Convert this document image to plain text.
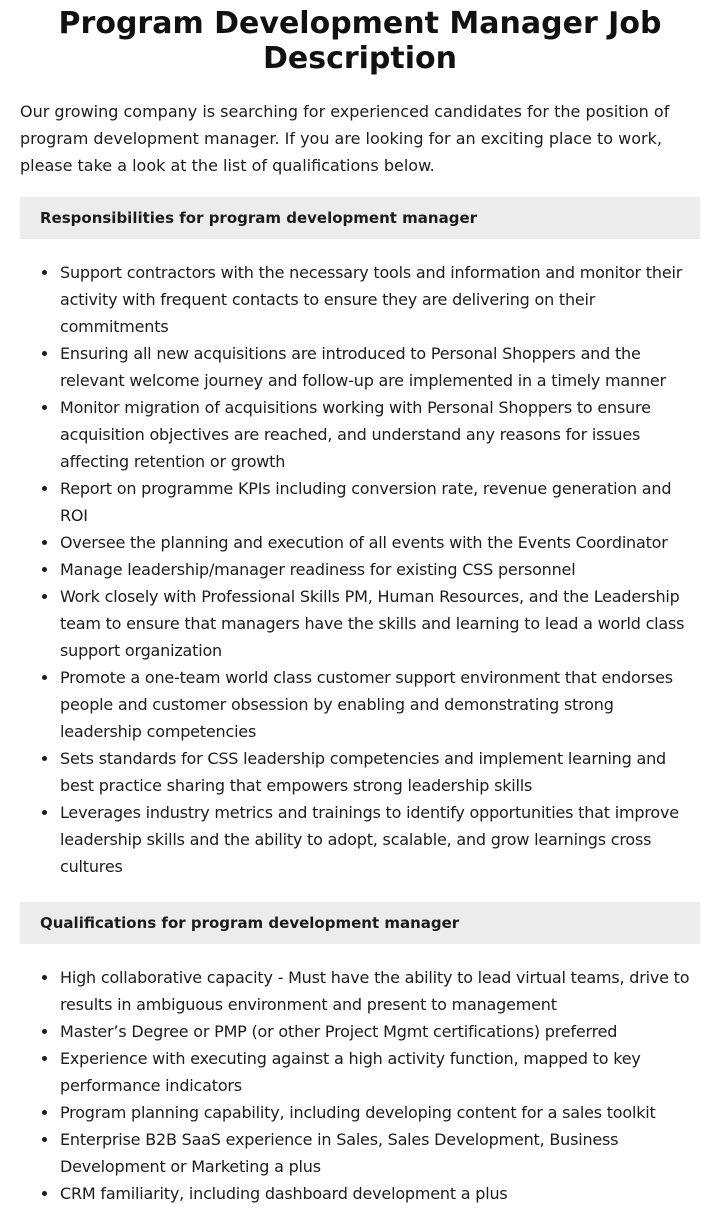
Program Development Manager Job Description

Our growing company is searching for experienced candidates for the position of program development manager. If you are looking for an exciting place to work, please take a look at the list of qualifications below.

Responsibilities for program development manager
Support contractors with the necessary tools and information and monitor their activity with frequent contacts to ensure they are delivering on their commitments
Ensuring all new acquisitions are introduced to Personal Shoppers and the relevant welcome journey and follow-up are implemented in a timely manner
Monitor migration of acquisitions working with Personal Shoppers to ensure acquisition objectives are reached, and understand any reasons for issues affecting retention or growth
Report on programme KPIs including conversion rate, revenue generation and ROI
Oversee the planning and execution of all events with the Events Coordinator
Manage leadership/manager readiness for existing CSS personnel
Work closely with Professional Skills PM, Human Resources, and the Leadership team to ensure that managers have the skills and learning to lead a world class support organization
Promote a one-team world class customer support environment that endorses people and customer obsession by enabling and demonstrating strong leadership competencies
Sets standards for CSS leadership competencies and implement learning and best practice sharing that empowers strong leadership skills
Leverages industry metrics and trainings to identify opportunities that improve leadership skills and the ability to adopt, scalable, and grow learnings cross cultures
Qualifications for program development manager
High collaborative capacity - Must have the ability to lead virtual teams, drive to results in ambiguous environment and present to management
Master’s Degree or PMP (or other Project Mgmt certifications) preferred
Experience with executing against a high activity function, mapped to key performance indicators
Program planning capability, including developing content for a sales toolkit
Enterprise B2B SaaS experience in Sales, Sales Development, Business Development or Marketing a plus
CRM familiarity, including dashboard development a plus
